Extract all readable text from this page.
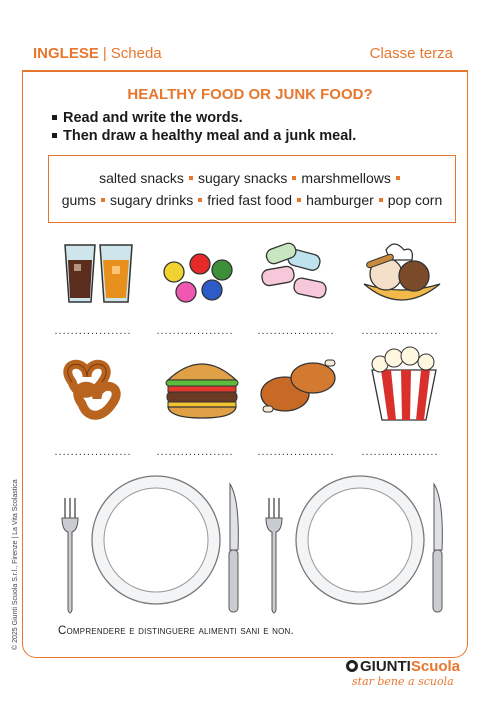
INGLESE | Scheda	Classe terza
HEALTHY FOOD OR JUNK FOOD?
Read and write the words.
Then draw a healthy meal and a junk meal.
salted snacks sugary snacks marshmellows
gums sugary drinks fried fast food hamburger pop corn
................... ................... ................... ...................
................... ................... ................... ...................
Comprendere e distinguere alimenti sani e non.
© 2025 Giunti Scuola S.r.l., Firenze | La Vita Scolastica
GIUNTIScuola
star bene a scuola
